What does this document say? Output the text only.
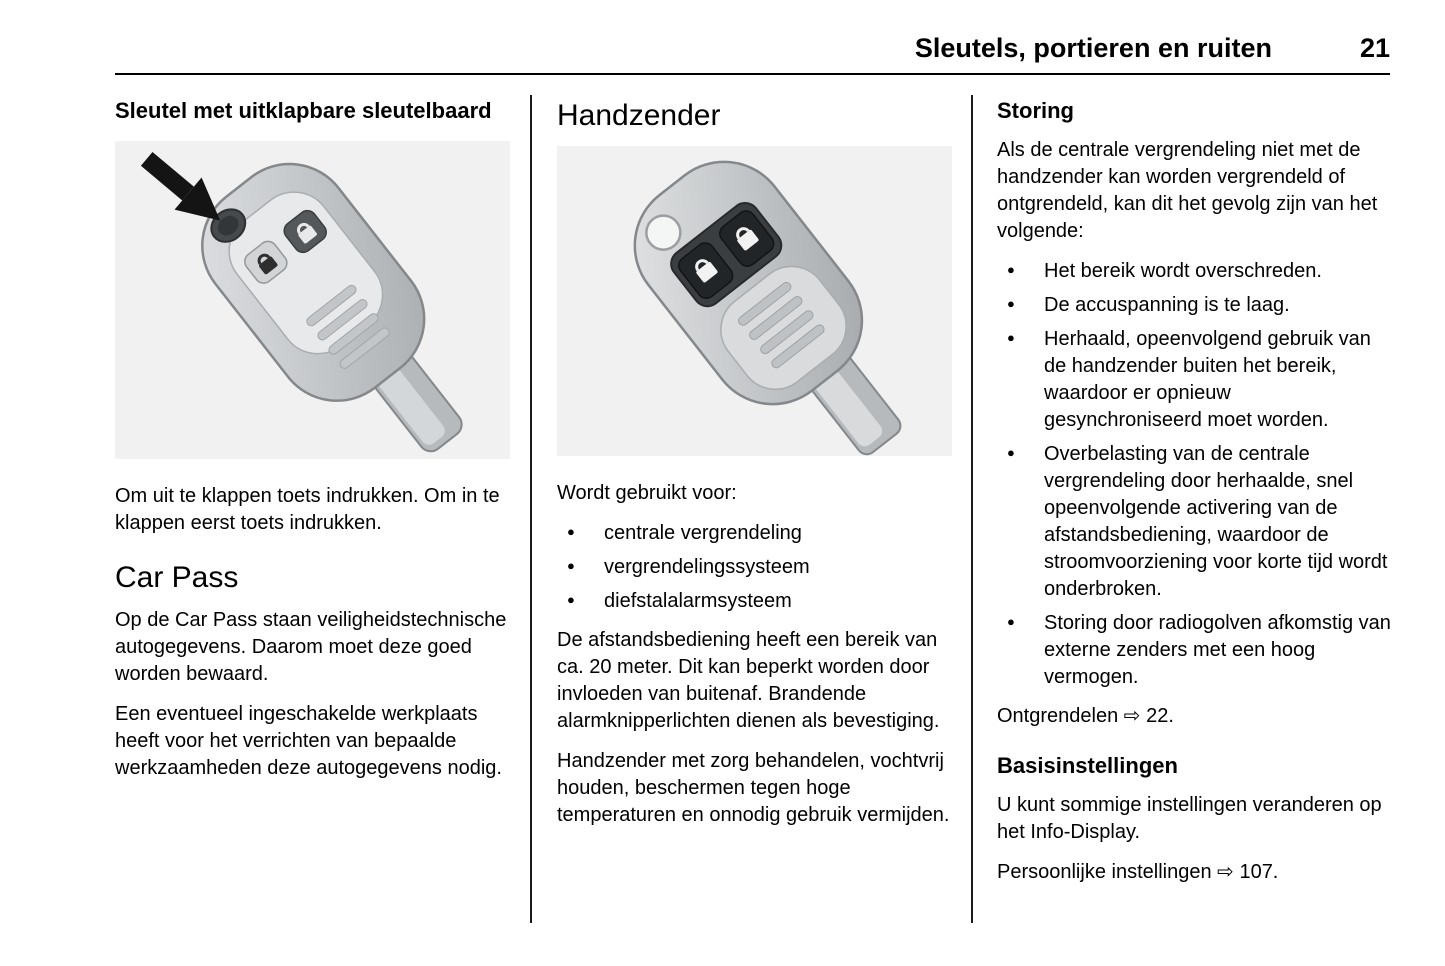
Sleutels, portieren en ruiten	21
Sleutel met uitklapbare sleutelbaard

Om uit te klappen toets indrukken. Om in te klappen eerst toets indrukken.

Car Pass

Op de Car Pass staan veiligheidstechnische autogegevens. Daarom moet deze goed worden bewaard.

Een eventueel ingeschakelde werkplaats heeft voor het verrichten van bepaalde werkzaamheden deze autogegevens nodig.

Handzender

Wordt gebruikt voor:

● centrale vergrendeling
● vergrendelingssysteem
● diefstalalarmsysteem

De afstandsbediening heeft een bereik van ca. 20 meter. Dit kan beperkt worden door invloeden van buitenaf. Brandende alarmknipperlichten dienen als bevestiging.

Handzender met zorg behandelen, vochtvrij houden, beschermen tegen hoge temperaturen en onnodig gebruik vermijden.

Storing

Als de centrale vergrendeling niet met de handzender kan worden vergrendeld of ontgrendeld, kan dit het gevolg zijn van het volgende:

● Het bereik wordt overschreden.
● De accuspanning is te laag.
● Herhaald, opeenvolgend gebruik van de handzender buiten het bereik, waardoor er opnieuw gesynchroniseerd moet worden.
● Overbelasting van de centrale vergrendeling door herhaalde, snel opeenvolgende activering van de afstandsbediening, waardoor de stroomvoorziening voor korte tijd wordt onderbroken.
● Storing door radiogolven afkomstig van externe zenders met een hoog vermogen.

Ontgrendelen ⇨ 22.

Basisinstellingen

U kunt sommige instellingen veranderen op het Info-Display.

Persoonlijke instellingen ⇨ 107.
